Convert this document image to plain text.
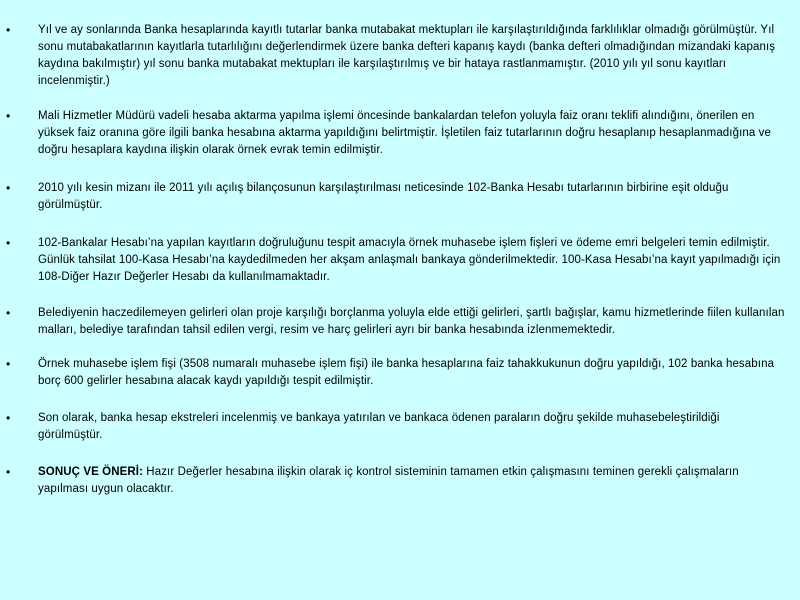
•	Yıl ve ay sonlarında Banka hesaplarında kayıtlı tutarlar banka mutabakat mektupları ile karşılaştırıldığında farklılıklar olmadığı görülmüştür. Yıl sonu mutabakatlarının kayıtlarla tutarlılığını değerlendirmek üzere banka defteri kapanış kaydı (banka defteri olmadığından mizandaki kapanış kaydına bakılmıştır) yıl sonu banka mutabakat mektupları ile karşılaştırılmış ve bir hataya rastlanmamıştır. (2010 yılı yıl sonu kayıtları incelenmiştir.)
•	Mali Hizmetler Müdürü vadeli hesaba aktarma yapılma işlemi öncesinde bankalardan telefon yoluyla faiz oranı teklifi alındığını, önerilen en yüksek faiz oranına göre ilgili banka hesabına aktarma yapıldığını belirtmiştir. İşletilen faiz tutarlarının doğru hesaplanıp hesaplanmadığına ve doğru hesaplara kaydına ilişkin olarak örnek evrak temin edilmiştir.
•	2010 yılı kesin mizanı ile 2011 yılı açılış bilançosunun karşılaştırılması neticesinde 102-Banka Hesabı tutarlarının birbirine eşit olduğu görülmüştür.
•	102-Bankalar Hesabı’na yapılan kayıtların doğruluğunu tespit amacıyla örnek muhasebe işlem fişleri ve ödeme emri belgeleri temin edilmiştir. Günlük tahsilat 100-Kasa Hesabı’na kaydedilmeden her akşam anlaşmalı bankaya gönderilmektedir. 100-Kasa Hesabı’na kayıt yapılmadığı için 108-Diğer Hazır Değerler Hesabı da kullanılmamaktadır.
•	Belediyenin haczedilemeyen gelirleri olan proje karşılığı borçlanma yoluyla elde ettiği gelirleri, şartlı bağışlar, kamu hizmetlerinde fiilen kullanılan malları, belediye tarafından tahsil edilen vergi, resim ve harç gelirleri ayrı bir banka hesabında izlenmemektedir.
•	Örnek muhasebe işlem fişi (3508 numaralı muhasebe işlem fişi) ile banka hesaplarına faiz tahakkukunun doğru yapıldığı, 102 banka hesabına borç 600 gelirler hesabına alacak kaydı yapıldığı tespit edilmiştir.
•	Son olarak, banka hesap ekstreleri incelenmiş ve bankaya yatırılan ve bankaca ödenen paraların doğru şekilde muhasebeleştirildiği görülmüştür.
•	SONUÇ VE ÖNERİ: Hazır Değerler hesabına ilişkin olarak iç kontrol sisteminin tamamen etkin çalışmasını teminen gerekli çalışmaların yapılması uygun olacaktır.
